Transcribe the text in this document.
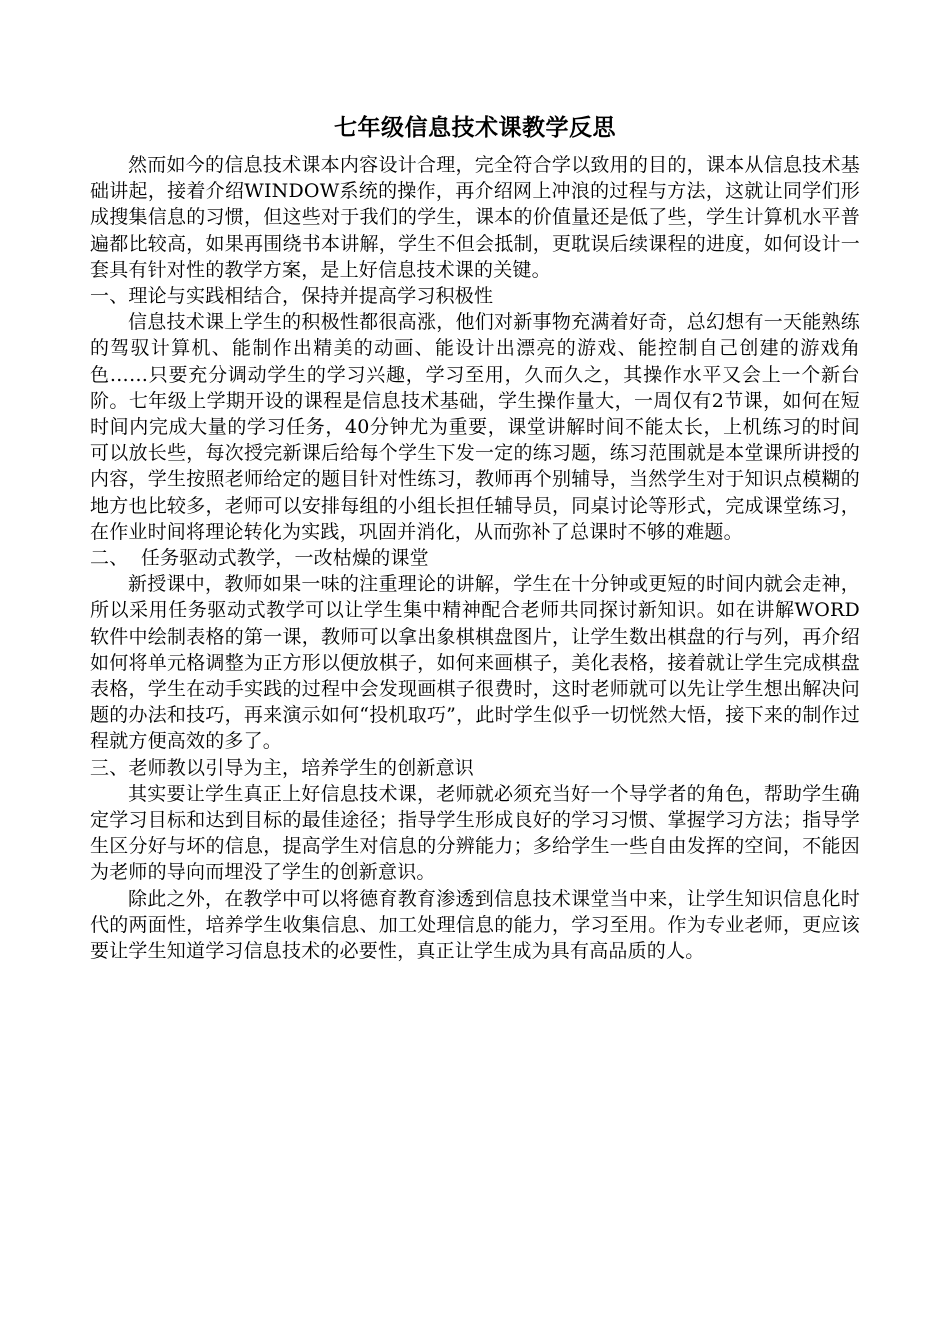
七年级信息技术课教学反思

然而如今的信息技术课本内容设计合理，完全符合学以致用的目的，课本从信息技术基础讲起，接着介绍WINDOW系统的操作，再介绍网上冲浪的过程与方法，这就让同学们形成搜集信息的习惯，但这些对于我们的学生，课本的价值量还是低了些，学生计算机水平普遍都比较高，如果再围绕书本讲解，学生不但会抵制，更耽误后续课程的进度，如何设计一套具有针对性的教学方案，是上好信息技术课的关键。

一、理论与实践相结合，保持并提高学习积极性

信息技术课上学生的积极性都很高涨，他们对新事物充满着好奇，总幻想有一天能熟练的驾驭计算机、能制作出精美的动画、能设计出漂亮的游戏、能控制自己创建的游戏角色……只要充分调动学生的学习兴趣，学习至用，久而久之，其操作水平又会上一个新台阶。七年级上学期开设的课程是信息技术基础，学生操作量大，一周仅有2节课，如何在短时间内完成大量的学习任务，40分钟尤为重要，课堂讲解时间不能太长，上机练习的时间可以放长些，每次授完新课后给每个学生下发一定的练习题，练习范围就是本堂课所讲授的内容，学生按照老师给定的题目针对性练习，教师再个别辅导，当然学生对于知识点模糊的地方也比较多，老师可以安排每组的小组长担任辅导员，同桌讨论等形式，完成课堂练习，在作业时间将理论转化为实践，巩固并消化，从而弥补了总课时不够的难题。

二、  任务驱动式教学，一改枯燥的课堂

新授课中，教师如果一味的注重理论的讲解，学生在十分钟或更短的时间内就会走神，所以采用任务驱动式教学可以让学生集中精神配合老师共同探讨新知识。如在讲解WORD软件中绘制表格的第一课，教师可以拿出象棋棋盘图片，让学生数出棋盘的行与列，再介绍如何将单元格调整为正方形以便放棋子，如何来画棋子，美化表格，接着就让学生完成棋盘表格，学生在动手实践的过程中会发现画棋子很费时，这时老师就可以先让学生想出解决问题的办法和技巧，再来演示如何“投机取巧”，此时学生似乎一切恍然大悟，接下来的制作过程就方便高效的多了。

三、老师教以引导为主，培养学生的创新意识

其实要让学生真正上好信息技术课，老师就必须充当好一个导学者的角色，帮助学生确定学习目标和达到目标的最佳途径；指导学生形成良好的学习习惯、掌握学习方法；指导学生区分好与坏的信息，提高学生对信息的分辨能力；多给学生一些自由发挥的空间，不能因为老师的导向而埋没了学生的创新意识。

除此之外，在教学中可以将德育教育渗透到信息技术课堂当中来，让学生知识信息化时代的两面性，培养学生收集信息、加工处理信息的能力，学习至用。作为专业老师，更应该要让学生知道学习信息技术的必要性，真正让学生成为具有高品质的人。
